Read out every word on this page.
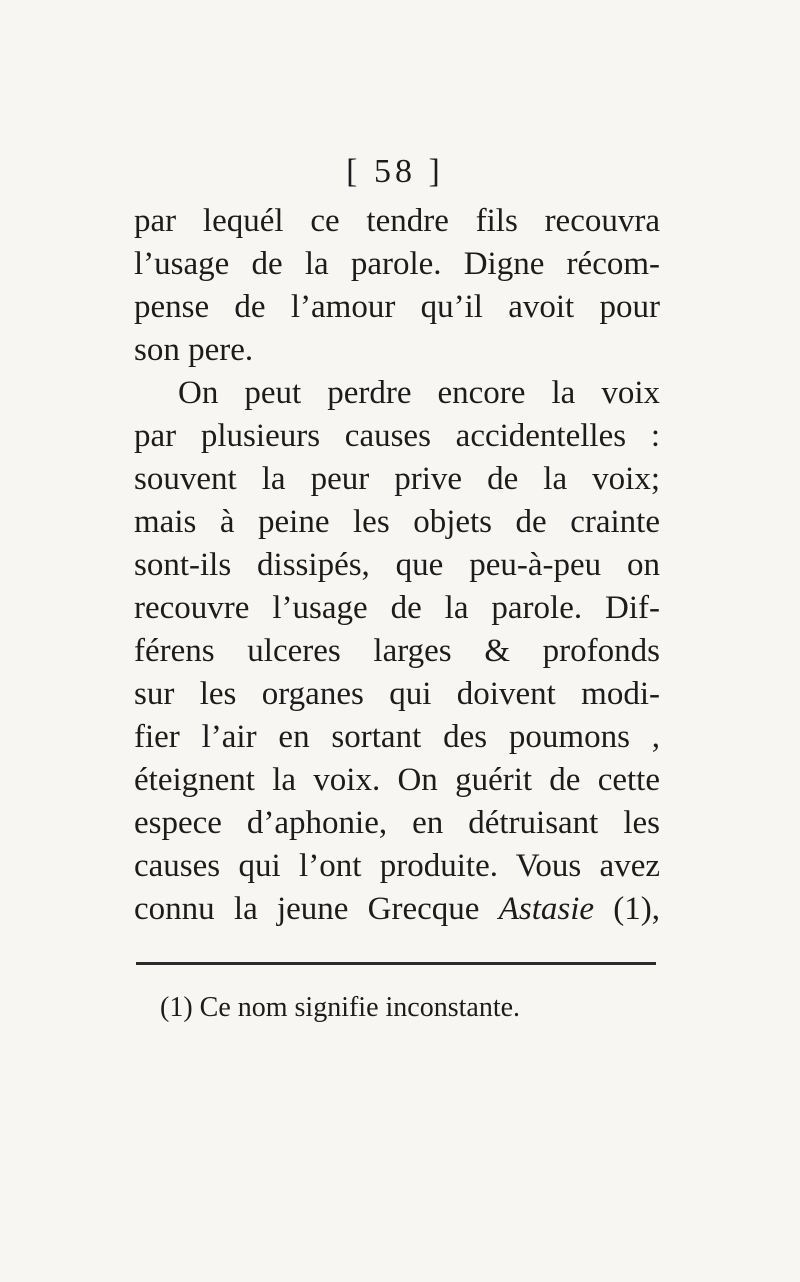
[ 58 ]
par lequél ce tendre fils recouvra
l’usage de la parole. Digne récom-
pense de l’amour qu’il avoit pour
son pere.
On peut perdre encore la voix
par plusieurs causes accidentelles :
souvent la peur prive de la voix;
mais à peine les objets de crainte
sont-ils dissipés, que peu-à-peu on
recouvre l’usage de la parole. Dif-
férens ulceres larges & profonds
sur les organes qui doivent modi-
fier l’air en sortant des poumons ,
éteignent la voix. On guérit de cette
espece d’aphonie, en détruisant les
causes qui l’ont produite. Vous avez
connu la jeune Grecque Astasie (1),
(1) Ce nom signifie inconstante.
